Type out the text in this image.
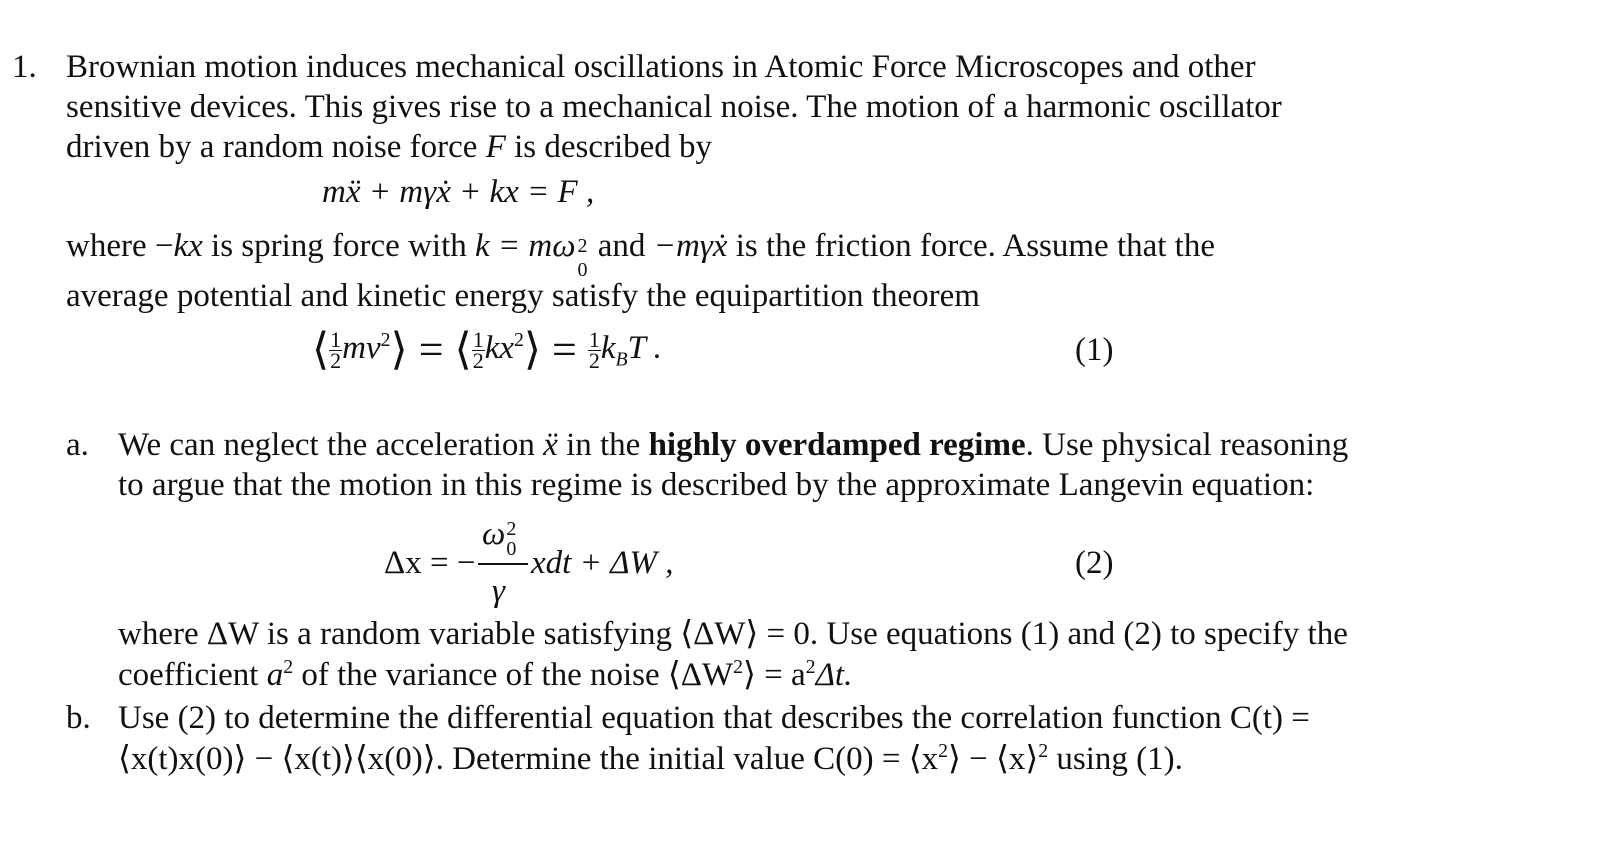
1. Brownian motion induces mechanical oscillations in Atomic Force Microscopes and other
sensitive devices. This gives rise to a mechanical noise. The motion of a harmonic oscillator
driven by a random noise force F is described by
mẍ + mγẋ + kx = F ,
where −kx is spring force with k = mω 2
0
and −mγẋ is the friction force. Assume that the
average potential and kinetic energy satisfy the equipartition theorem
⟨ $\frac{1}{2}$ $mv^2⟩$ = ⟨ $\frac{1}{2}$ $kx^2⟩ = \frac{1}{2} k_BT$ .	(1)
a. We can neglect the acceleration ẍ in the highly overdamped regime. Use physical reasoning
to argue that the motion in this regime is described by the approximate Langevin equation:
Δx = −
ω 2
0
γ
xdt + ΔW ,	(2)
where ΔW is a random variable satisfying ⟨ΔW⟩ = 0. Use equations (1) and (2) to specify the
coefficient $a^2$ of the variance of the noise $⟨\Delta W^2⟩ = a^2\Delta t$.
b. Use (2) to determine the differential equation that describes the correlation function C(t) =
⟨x(t)x(0)⟩ − ⟨x(t)⟩⟨x(0)⟩. Determine the initial value $C(0) = ⟨x^2⟩$ − ⟨x⟩$^2$ using (1).
